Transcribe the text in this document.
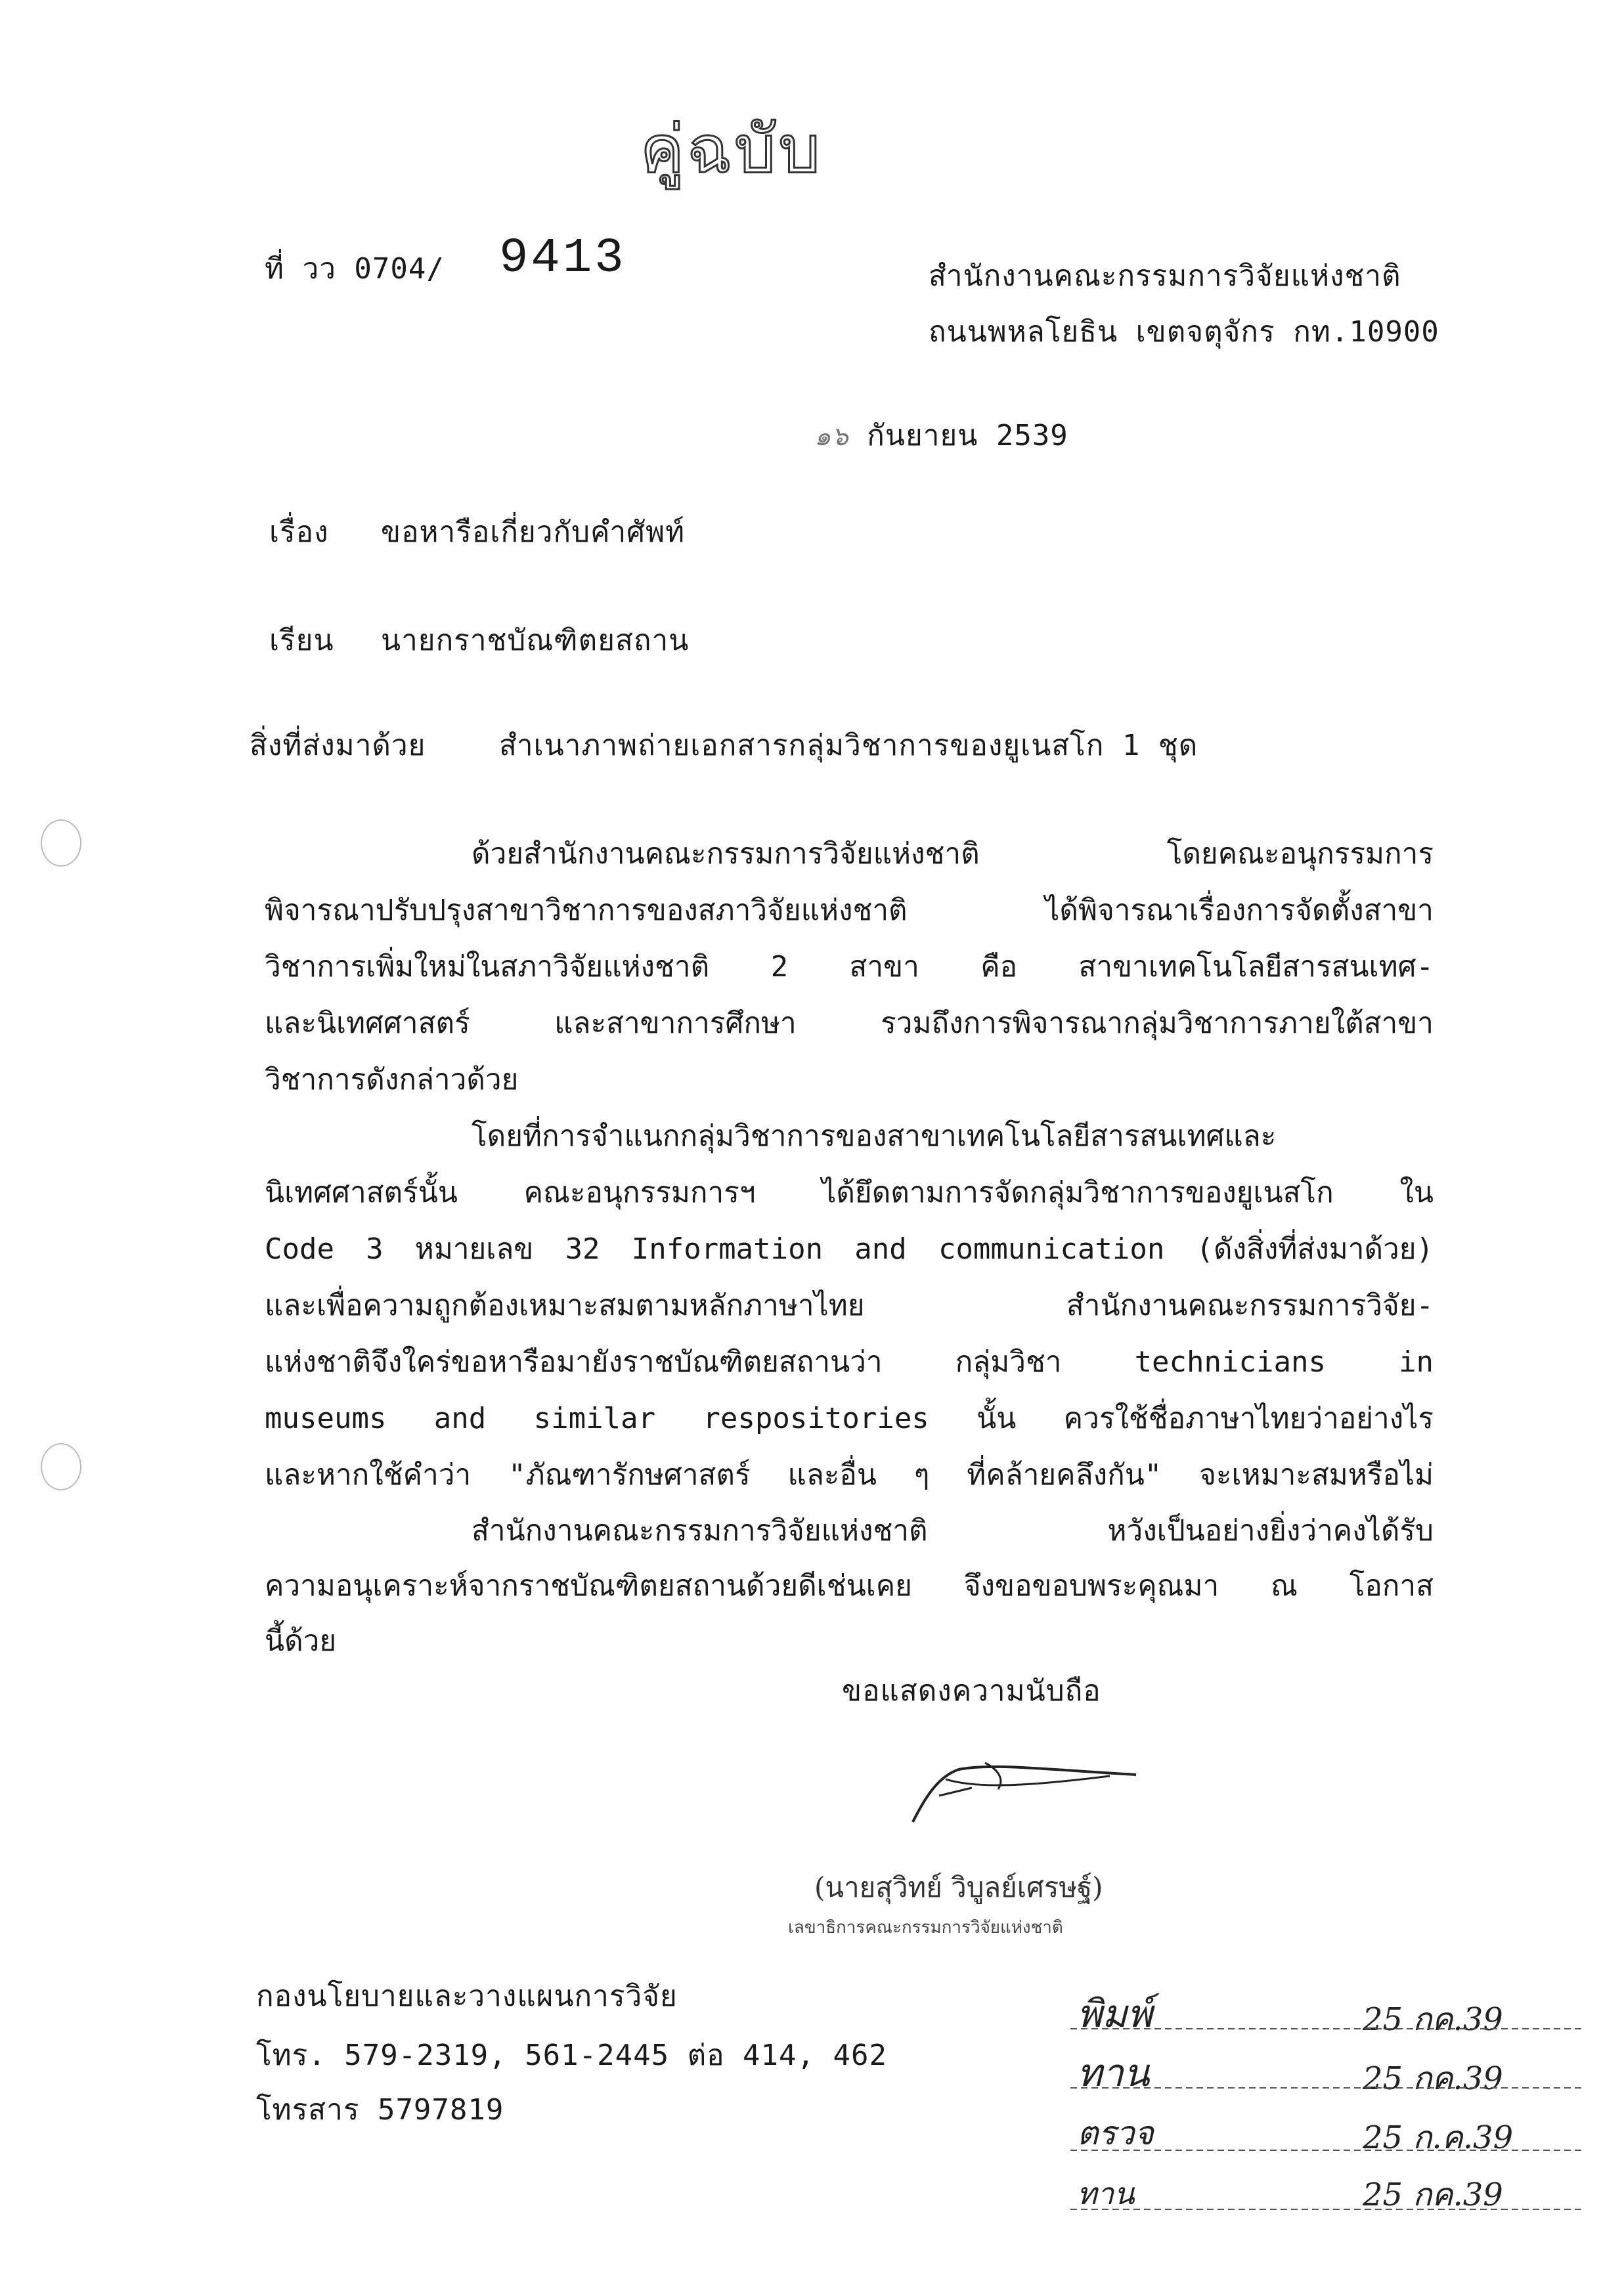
คู่ฉบับ
ที่ วว 0704/ 9413	สำนักงานคณะกรรมการวิจัยแห่งชาติ
ถนนพหลโยธิน เขตจตุจักร กท.10900
๑๖ กันยายน 2539
เรื่อง ขอหารือเกี่ยวกับคำศัพท์
เรียน นายกราชบัณฑิตยสถาน
สิ่งที่ส่งมาด้วย	สำเนาภาพถ่ายเอกสารกลุ่มวิชาการของยูเนสโก 1 ชุด
ด้วยสำนักงานคณะกรรมการวิจัยแห่งชาติ โดยคณะอนุกรรมการ
พิจารณาปรับปรุงสาขาวิชาการของสภาวิจัยแห่งชาติ ได้พิจารณาเรื่องการจัดตั้งสาขา
วิชาการเพิ่มใหม่ในสภาวิจัยแห่งชาติ 2 สาขา คือ สาขาเทคโนโลยีสารสนเทศ-
และนิเทศศาสตร์ และสาขาการศึกษา รวมถึงการพิจารณากลุ่มวิชาการภายใต้สาขา
วิชาการดังกล่าวด้วย
โดยที่การจำแนกกลุ่มวิชาการของสาขาเทคโนโลยีสารสนเทศและ
นิเทศศาสตร์นั้น คณะอนุกรรมการฯ ได้ยึดตามการจัดกลุ่มวิชาการของยูเนสโก ใน
Code 3 หมายเลข 32 Information and communication (ดังสิ่งที่ส่งมาด้วย)
และเพื่อความถูกต้องเหมาะสมตามหลักภาษาไทย สำนักงานคณะกรรมการวิจัย-
แห่งชาติจึงใคร่ขอหารือมายังราชบัณฑิตยสถานว่า กลุ่มวิชา technicians in
museums and similar respositories นั้น ควรใช้ชื่อภาษาไทยว่าอย่างไร
และหากใช้คำว่า "ภัณฑารักษศาสตร์ และอื่น ๆ ที่คล้ายคลึงกัน" จะเหมาะสมหรือไม่
สำนักงานคณะกรรมการวิจัยแห่งชาติ หวังเป็นอย่างยิ่งว่าคงได้รับ
ความอนุเคราะห์จากราชบัณฑิตยสถานด้วยดีเช่นเคย จึงขอขอบพระคุณมา ณ โอกาส
นี้ด้วย
ขอแสดงความนับถือ
(นายสุวิทย์ วิบูลย์เศรษฐ์)
เลขาธิการคณะกรรมการวิจัยแห่งชาติ
กองนโยบายและวางแผนการวิจัย
โทร. 579-2319, 561-2445 ต่อ 414, 462
โทรสาร 5797819
พิมพ์	25 กค.39
ทาน	25 กค.39
ตรวจ	25 ก.ค.39
ทาน	25 กค.39
